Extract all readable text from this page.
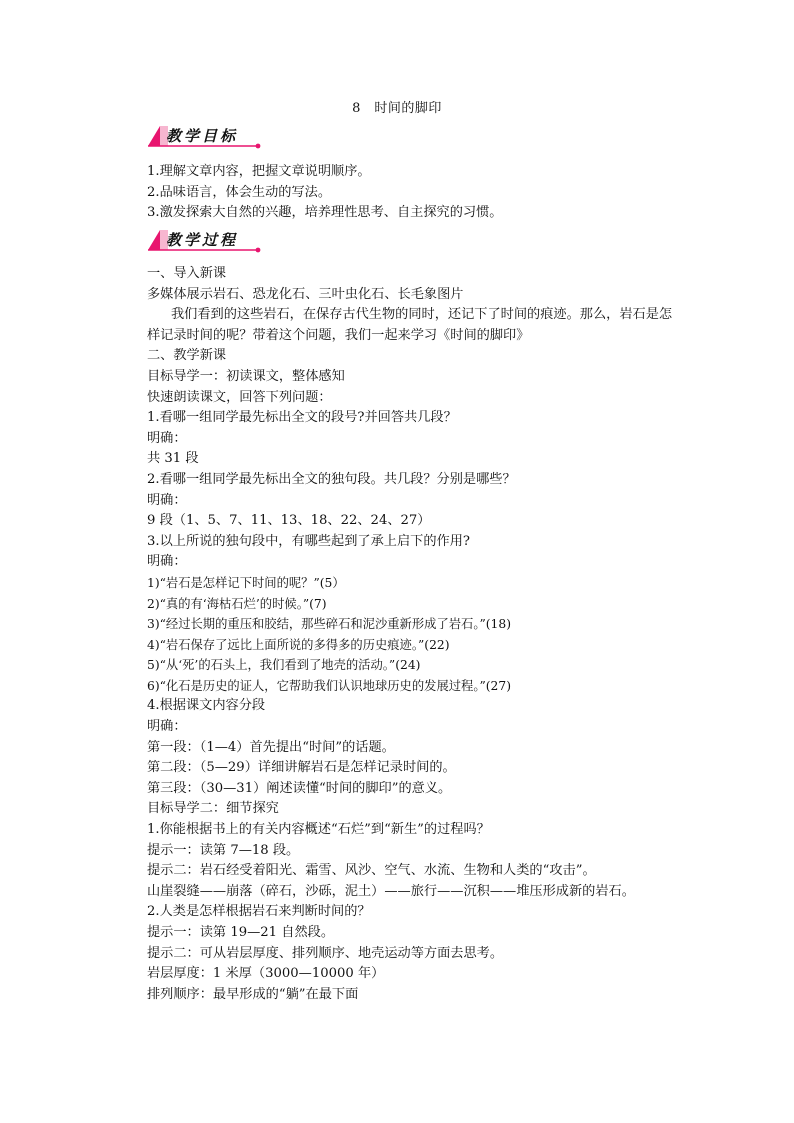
8　时间的脚印
教学目标
1.理解文章内容，把握文章说明顺序。
2.品味语言，体会生动的写法。
3.激发探索大自然的兴趣，培养理性思考、自主探究的习惯。
教学过程
一、导入新课
多媒体展示岩石、恐龙化石、三叶虫化石、长毛象图片
我们看到的这些岩石，在保存古代生物的同时，还记下了时间的痕迹。那么，岩石是怎
样记录时间的呢？带着这个问题，我们一起来学习《时间的脚印》
二、教学新课
目标导学一：初读课文，整体感知
快速朗读课文，回答下列问题：
1.看哪一组同学最先标出全文的段号?并回答共几段？
明确：
共 31 段
2.看哪一组同学最先标出全文的独句段。共几段？分别是哪些？
明确：
9 段（1、5、7、11、13、18、22、24、27）
3.以上所说的独句段中，有哪些起到了承上启下的作用?
明确：
1)“岩石是怎样记下时间的呢？”(5）
2)“真的有‘海枯石烂’的时候。”(7)
3)“经过长期的重压和胶结，那些碎石和泥沙重新形成了岩石。”(18)
4)“岩石保存了远比上面所说的多得多的历史痕迹。”(22)
5)“从‘死’的石头上，我们看到了地壳的活动。”(24)
6)“化石是历史的证人，它帮助我们认识地球历史的发展过程。”(27)
4.根据课文内容分段
明确：
第一段：（1—4）首先提出“时间”的话题。
第二段：（5—29）详细讲解岩石是怎样记录时间的。
第三段：（30—31）阐述读懂“时间的脚印”的意义。
目标导学二：细节探究
1.你能根据书上的有关内容概述“石烂”到“新生”的过程吗？
提示一：读第 7—18 段。
提示二：岩石经受着阳光、霜雪、风沙、空气、水流、生物和人类的“攻击”。
山崖裂缝——崩落（碎石，沙砾，泥土）——旅行——沉积——堆压形成新的岩石。
2.人类是怎样根据岩石来判断时间的？
提示一：读第 19—21 自然段。
提示二：可从岩层厚度、排列顺序、地壳运动等方面去思考。
岩层厚度：1 米厚（3000—10000 年）
排列顺序：最早形成的“躺”在最下面
